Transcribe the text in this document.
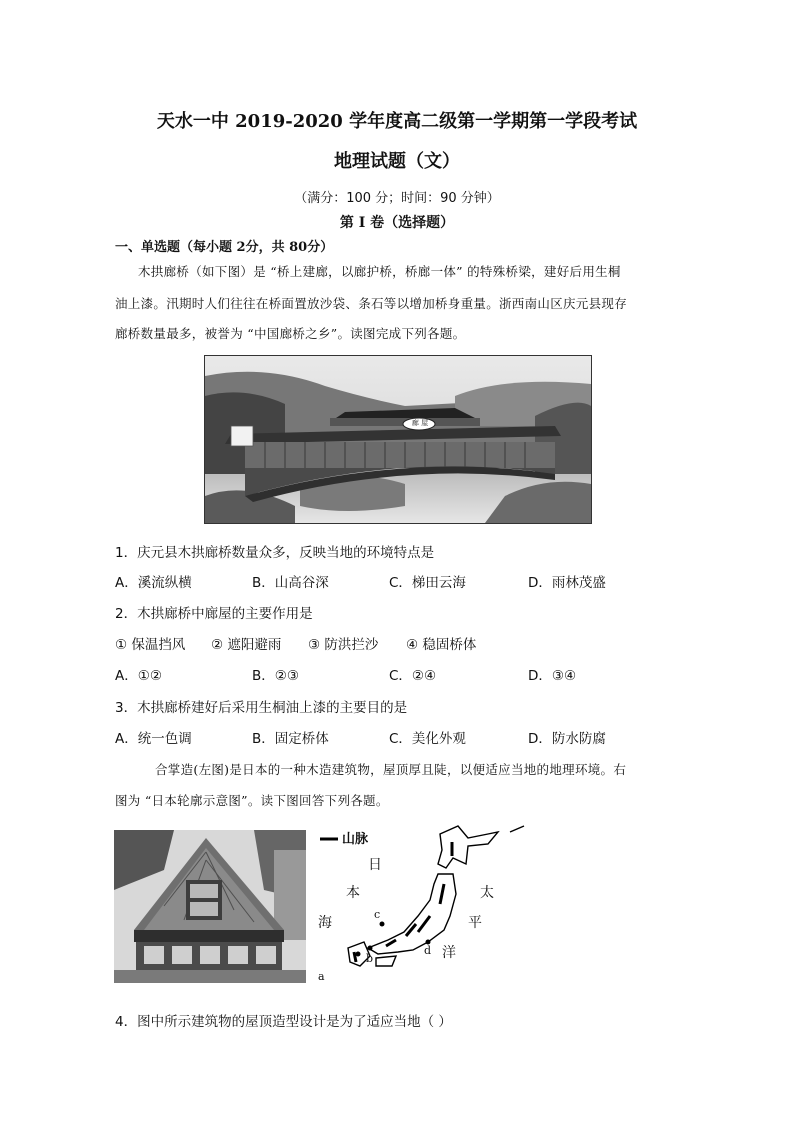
天水一中 2019-2020 学年度高二级第一学期第一学段考试
地理试题（文）
（满分：100 分；时间：90 分钟）
第 I 卷（选择题）
一、单选题（每小题 2分，共 80分）
木拱廊桥（如下图）是 “桥上建廊，以廊护桥，桥廊一体” 的特殊桥梁，建好后用生桐
油上漆。汛期时人们往往在桥面置放沙袋、条石等以增加桥身重量。浙西南山区庆元县现存
廊桥数量最多，被誉为 “中国廊桥之乡”。读图完成下列各题。
廊 屋
1．庆元县木拱廊桥数量众多，反映当地的环境特点是
A．溪流纵横	B．山高谷深	C．梯田云海	D．雨林茂盛
2．木拱廊桥中廊屋的主要作用是
① 保温挡风 ② 遮阳避雨 ③ 防洪拦沙 ④ 稳固桥体
A．①②	B．②③	C．②④	D．③④
3．木拱廊桥建好后采用生桐油上漆的主要目的是
A．统一色调	B．固定桥体	C．美化外观	D．防水防腐
合掌造(左图)是日本的一种木造建筑物，屋顶厚且陡，以便适应当地的地理环境。右
图为 “日本轮廓示意图”。读下图回答下列各题。
山脉
日
本
海
太
平
洋
a
b
c
d
4．图中所示建筑物的屋顶造型设计是为了适应当地（ ）
